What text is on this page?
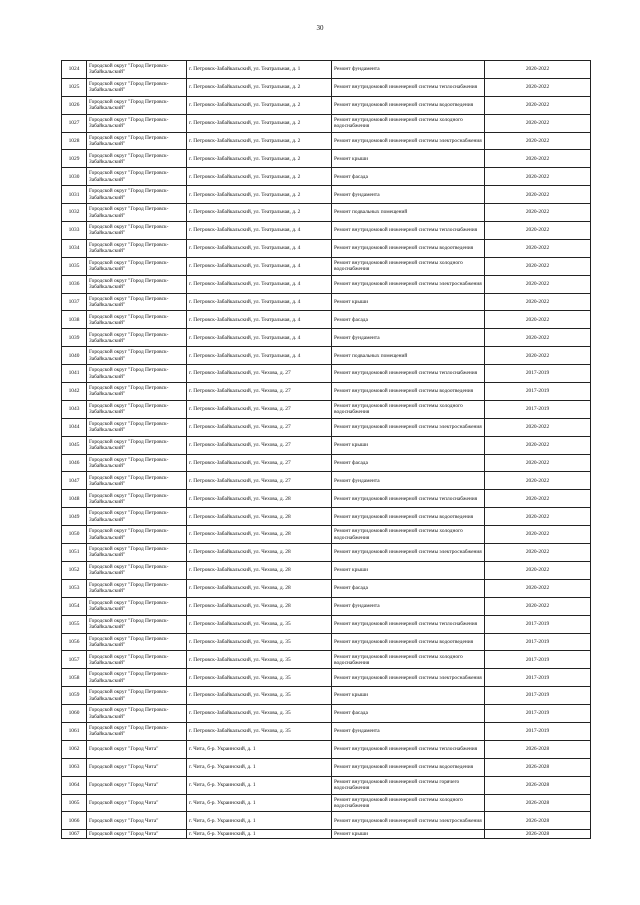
30
1024	Городской округ "Город Петровск-Забайкальский"	г. Петровск-Забайкальский, ул. Театральная, д. 1	Ремонт фундамента	2020-2022
1025	Городской округ "Город Петровск-Забайкальский"	г. Петровск-Забайкальский, ул. Театральная, д. 2	Ремонт внутридомовой инженерной системы теплоснабжения	2020-2022
1026	Городской округ "Город Петровск-Забайкальский"	г. Петровск-Забайкальский, ул. Театральная, д. 2	Ремонт внутридомовой инженерной системы водоотведения	2020-2022
1027	Городской округ "Город Петровск-Забайкальский"	г. Петровск-Забайкальский, ул. Театральная, д. 2	Ремонт внутридомовой инженерной системы холодного водоснабжения	2020-2022
1028	Городской округ "Город Петровск-Забайкальский"	г. Петровск-Забайкальский, ул. Театральная, д. 2	Ремонт внутридомовой инженерной системы электроснабжения	2020-2022
1029	Городской округ "Город Петровск-Забайкальский"	г. Петровск-Забайкальский, ул. Театральная, д. 2	Ремонт крыши	2020-2022
1030	Городской округ "Город Петровск-Забайкальский"	г. Петровск-Забайкальский, ул. Театральная, д. 2	Ремонт фасада	2020-2022
1031	Городской округ "Город Петровск-Забайкальский"	г. Петровск-Забайкальский, ул. Театральная, д. 2	Ремонт фундамента	2020-2022
1032	Городской округ "Город Петровск-Забайкальский"	г. Петровск-Забайкальский, ул. Театральная, д. 2	Ремонт подвальных помещений	2020-2022
1033	Городской округ "Город Петровск-Забайкальский"	г. Петровск-Забайкальский, ул. Театральная, д. 4	Ремонт внутридомовой инженерной системы теплоснабжения	2020-2022
1034	Городской округ "Город Петровск-Забайкальский"	г. Петровск-Забайкальский, ул. Театральная, д. 4	Ремонт внутридомовой инженерной системы водоотведения	2020-2022
1035	Городской округ "Город Петровск-Забайкальский"	г. Петровск-Забайкальский, ул. Театральная, д. 4	Ремонт внутридомовой инженерной системы холодного водоснабжения	2020-2022
1036	Городской округ "Город Петровск-Забайкальский"	г. Петровск-Забайкальский, ул. Театральная, д. 4	Ремонт внутридомовой инженерной системы электроснабжения	2020-2022
1037	Городской округ "Город Петровск-Забайкальский"	г. Петровск-Забайкальский, ул. Театральная, д. 4	Ремонт крыши	2020-2022
1038	Городской округ "Город Петровск-Забайкальский"	г. Петровск-Забайкальский, ул. Театральная, д. 4	Ремонт фасада	2020-2022
1039	Городской округ "Город Петровск-Забайкальский"	г. Петровск-Забайкальский, ул. Театральная, д. 4	Ремонт фундамента	2020-2022
1040	Городской округ "Город Петровск-Забайкальский"	г. Петровск-Забайкальский, ул. Театральная, д. 4	Ремонт подвальных помещений	2020-2022
1041	Городской округ "Город Петровск-Забайкальский"	г. Петровск-Забайкальский, ул. Чехова, д. 27	Ремонт внутридомовой инженерной системы теплоснабжения	2017-2019
1042	Городской округ "Город Петровск-Забайкальский"	г. Петровск-Забайкальский, ул. Чехова, д. 27	Ремонт внутридомовой инженерной системы водоотведения	2017-2019
1043	Городской округ "Город Петровск-Забайкальский"	г. Петровск-Забайкальский, ул. Чехова, д. 27	Ремонт внутридомовой инженерной системы холодного водоснабжения	2017-2019
1044	Городской округ "Город Петровск-Забайкальский"	г. Петровск-Забайкальский, ул. Чехова, д. 27	Ремонт внутридомовой инженерной системы электроснабжения	2020-2022
1045	Городской округ "Город Петровск-Забайкальский"	г. Петровск-Забайкальский, ул. Чехова, д. 27	Ремонт крыши	2020-2022
1046	Городской округ "Город Петровск-Забайкальский"	г. Петровск-Забайкальский, ул. Чехова, д. 27	Ремонт фасада	2020-2022
1047	Городской округ "Город Петровск-Забайкальский"	г. Петровск-Забайкальский, ул. Чехова, д. 27	Ремонт фундамента	2020-2022
1048	Городской округ "Город Петровск-Забайкальский"	г. Петровск-Забайкальский, ул. Чехова, д. 28	Ремонт внутридомовой инженерной системы теплоснабжения	2020-2022
1049	Городской округ "Город Петровск-Забайкальский"	г. Петровск-Забайкальский, ул. Чехова, д. 28	Ремонт внутридомовой инженерной системы водоотведения	2020-2022
1050	Городской округ "Город Петровск-Забайкальский"	г. Петровск-Забайкальский, ул. Чехова, д. 28	Ремонт внутридомовой инженерной системы холодного водоснабжения	2020-2022
1051	Городской округ "Город Петровск-Забайкальский"	г. Петровск-Забайкальский, ул. Чехова, д. 28	Ремонт внутридомовой инженерной системы электроснабжения	2020-2022
1052	Городской округ "Город Петровск-Забайкальский"	г. Петровск-Забайкальский, ул. Чехова, д. 28	Ремонт крыши	2020-2022
1053	Городской округ "Город Петровск-Забайкальский"	г. Петровск-Забайкальский, ул. Чехова, д. 28	Ремонт фасада	2020-2022
1054	Городской округ "Город Петровск-Забайкальский"	г. Петровск-Забайкальский, ул. Чехова, д. 28	Ремонт фундамента	2020-2022
1055	Городской округ "Город Петровск-Забайкальский"	г. Петровск-Забайкальский, ул. Чехова, д. 35	Ремонт внутридомовой инженерной системы теплоснабжения	2017-2019
1056	Городской округ "Город Петровск-Забайкальский"	г. Петровск-Забайкальский, ул. Чехова, д. 35	Ремонт внутридомовой инженерной системы водоотведения	2017-2019
1057	Городской округ "Город Петровск-Забайкальский"	г. Петровск-Забайкальский, ул. Чехова, д. 35	Ремонт внутридомовой инженерной системы холодного водоснабжения	2017-2019
1058	Городской округ "Город Петровск-Забайкальский"	г. Петровск-Забайкальский, ул. Чехова, д. 35	Ремонт внутридомовой инженерной системы электроснабжения	2017-2019
1059	Городской округ "Город Петровск-Забайкальский"	г. Петровск-Забайкальский, ул. Чехова, д. 35	Ремонт крыши	2017-2019
1060	Городской округ "Город Петровск-Забайкальский"	г. Петровск-Забайкальский, ул. Чехова, д. 35	Ремонт фасада	2017-2019
1061	Городской округ "Город Петровск-Забайкальский"	г. Петровск-Забайкальский, ул. Чехова, д. 35	Ремонт фундамента	2017-2019
1062	Городской округ "Город Чита"	г. Чита, б-р. Украинский, д. 1	Ремонт внутридомовой инженерной системы теплоснабжения	2026-2028
1063	Городской округ "Город Чита"	г. Чита, б-р. Украинский, д. 1	Ремонт внутридомовой инженерной системы водоотведения	2026-2028
1064	Городской округ "Город Чита"	г. Чита, б-р. Украинский, д. 1	Ремонт внутридомовой инженерной системы горячего водоснабжения	2026-2028
1065	Городской округ "Город Чита"	г. Чита, б-р. Украинский, д. 1	Ремонт внутридомовой инженерной системы холодного водоснабжения	2026-2028
1066	Городской округ "Город Чита"	г. Чита, б-р. Украинский, д. 1	Ремонт внутридомовой инженерной системы электроснабжения	2026-2028
1067	Городской округ "Город Чита"	г. Чита, б-р. Украинский, д. 1	Ремонт крыши	2026-2028
